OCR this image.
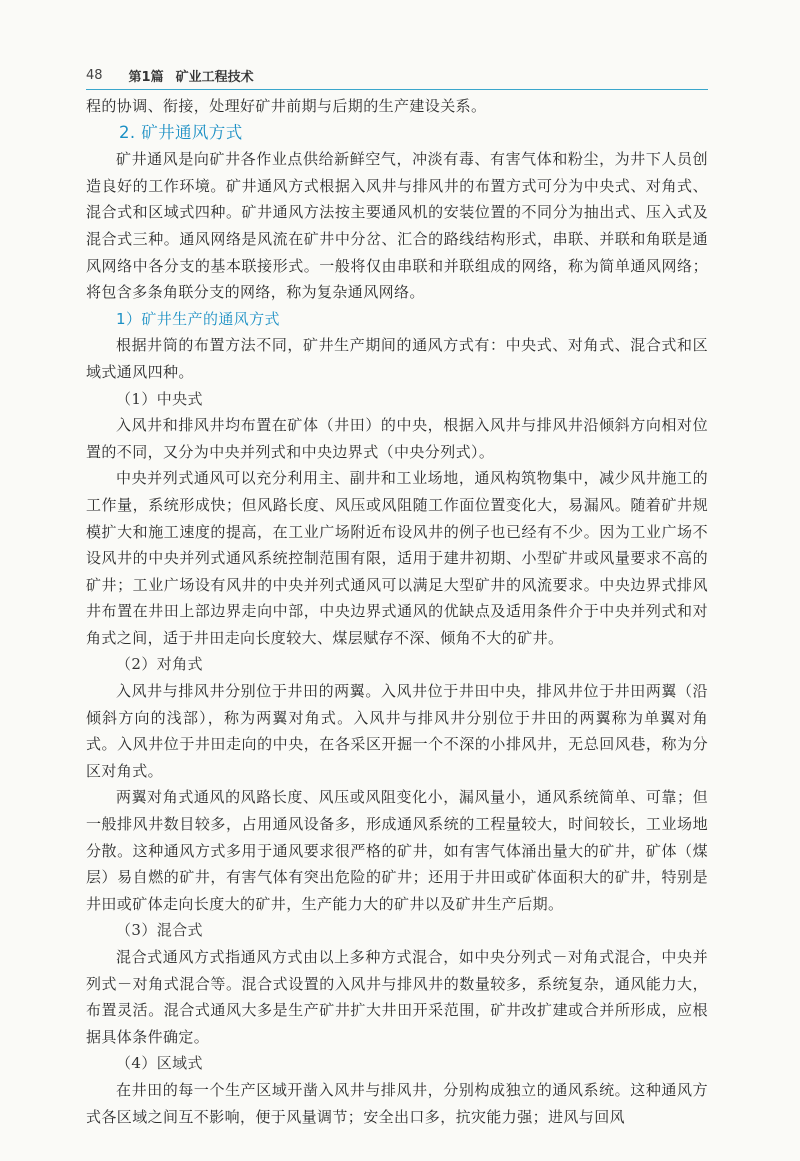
48 第1篇 矿业工程技术

程的协调、衔接，处理好矿井前期与后期的生产建设关系。

2. 矿井通风方式

矿井通风是向矿井各作业点供给新鲜空气，冲淡有毒、有害气体和粉尘，为井下人员创造良好的工作环境。矿井通风方式根据入风井与排风井的布置方式可分为中央式、对角式、混合式和区域式四种。矿井通风方法按主要通风机的安装位置的不同分为抽出式、压入式及混合式三种。通风网络是风流在矿井中分岔、汇合的路线结构形式，串联、并联和角联是通风网络中各分支的基本联接形式。一般将仅由串联和并联组成的网络，称为简单通风网络；将包含多条角联分支的网络，称为复杂通风网络。

1）矿井生产的通风方式

根据井筒的布置方法不同，矿井生产期间的通风方式有：中央式、对角式、混合式和区域式通风四种。

（1）中央式

入风井和排风井均布置在矿体（井田）的中央，根据入风井与排风井沿倾斜方向相对位置的不同，又分为中央并列式和中央边界式（中央分列式）。

中央并列式通风可以充分利用主、副井和工业场地，通风构筑物集中，减少风井施工的工作量，系统形成快；但风路长度、风压或风阻随工作面位置变化大，易漏风。随着矿井规模扩大和施工速度的提高，在工业广场附近布设风井的例子也已经有不少。因为工业广场不设风井的中央并列式通风系统控制范围有限，适用于建井初期、小型矿井或风量要求不高的矿井；工业广场设有风井的中央并列式通风可以满足大型矿井的风流要求。中央边界式排风井布置在井田上部边界走向中部，中央边界式通风的优缺点及适用条件介于中央并列式和对角式之间，适于井田走向长度较大、煤层赋存不深、倾角不大的矿井。

（2）对角式

入风井与排风井分别位于井田的两翼。入风井位于井田中央，排风井位于井田两翼（沿倾斜方向的浅部），称为两翼对角式。入风井与排风井分别位于井田的两翼称为单翼对角式。入风井位于井田走向的中央，在各采区开掘一个不深的小排风井，无总回风巷，称为分区对角式。

两翼对角式通风的风路长度、风压或风阻变化小，漏风量小，通风系统简单、可靠；但一般排风井数目较多，占用通风设备多，形成通风系统的工程量较大，时间较长，工业场地分散。这种通风方式多用于通风要求很严格的矿井，如有害气体涌出量大的矿井，矿体（煤层）易自燃的矿井，有害气体有突出危险的矿井；还用于井田或矿体面积大的矿井，特别是井田或矿体走向长度大的矿井，生产能力大的矿井以及矿井生产后期。

（3）混合式

混合式通风方式指通风方式由以上多种方式混合，如中央分列式－对角式混合，中央并列式－对角式混合等。混合式设置的入风井与排风井的数量较多，系统复杂，通风能力大，布置灵活。混合式通风大多是生产矿井扩大井田开采范围，矿井改扩建或合并所形成，应根据具体条件确定。

（4）区域式

在井田的每一个生产区域开凿入风井与排风井，分别构成独立的通风系统。这种通风方式各区域之间互不影响，便于风量调节；安全出口多，抗灾能力强；进风与回风
